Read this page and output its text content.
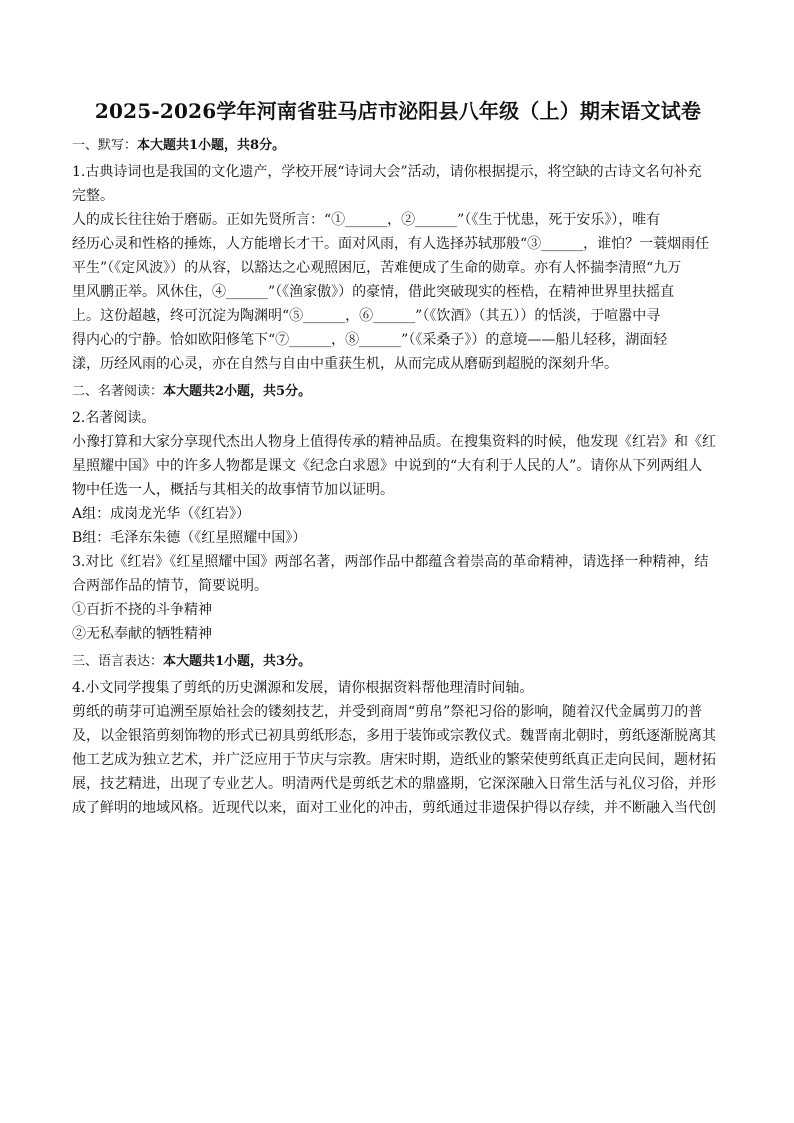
2025-2026学年河南省驻马店市泌阳县八年级（上）期末语文试卷
一、默写：本大题共1小题，共8分。

1.古典诗词也是我国的文化遗产，学校开展“诗词大会”活动，请你根据提示，将空缺的古诗文名句补充

完整。

人的成长往往始于磨砺。正如先贤所言：“①______，②______”（《生于忧患，死于安乐》），唯有

经历心灵和性格的捶炼，人方能增长才干。面对风雨，有人选择苏轼那般“③______，谁怕？一蓑烟雨任

平生”（《定风波》）的从容，以豁达之心观照困厄，苦难便成了生命的勋章。亦有人怀揣李清照“九万

里风鹏正举。风休住，④______”（《渔家傲》）的豪情，借此突破现实的桎梏，在精神世界里扶摇直

上。这份超越，终可沉淀为陶渊明“⑤______，⑥______”（《饮酒》（其五））的恬淡，于喧嚣中寻

得内心的宁静。恰如欧阳修笔下“⑦______，⑧______”（《采桑子》）的意境——船儿轻移，湖面轻

漾，历经风雨的心灵，亦在自然与自由中重获生机，从而完成从磨砺到超脱的深刻升华。

二、名著阅读：本大题共2小题，共5分。

2.名著阅读。

小豫打算和大家分享现代杰出人物身上值得传承的精神品质。在搜集资料的时候，他发现《红岩》和《红

星照耀中国》中的许多人物都是课文《纪念白求恩》中说到的“大有利于人民的人”。请你从下列两组人

物中任选一人，概括与其相关的故事情节加以证明。

A组：成岗龙光华（《红岩》）

B组：毛泽东朱德（《红星照耀中国》）

3.对比《红岩》《红星照耀中国》两部名著，两部作品中都蕴含着崇高的革命精神，请选择一种精神，结

合两部作品的情节，简要说明。

①百折不挠的斗争精神

②无私奉献的牺牲精神

三、语言表达：本大题共1小题，共3分。

4.小文同学搜集了剪纸的历史渊源和发展，请你根据资料帮他理清时间轴。

剪纸的萌芽可追溯至原始社会的镂刻技艺，并受到商周“剪帛”祭祀习俗的影响，随着汉代金属剪刀的普

及，以金银箔剪刻饰物的形式已初具剪纸形态，多用于装饰或宗教仪式。魏晋南北朝时，剪纸逐渐脱离其

他工艺成为独立艺术，并广泛应用于节庆与宗教。唐宋时期，造纸业的繁荣使剪纸真正走向民间，题材拓

展，技艺精进，出现了专业艺人。明清两代是剪纸艺术的鼎盛期，它深深融入日常生活与礼仪习俗，并形

成了鲜明的地域风格。近现代以来，面对工业化的冲击，剪纸通过非遗保护得以存续，并不断融入当代创
